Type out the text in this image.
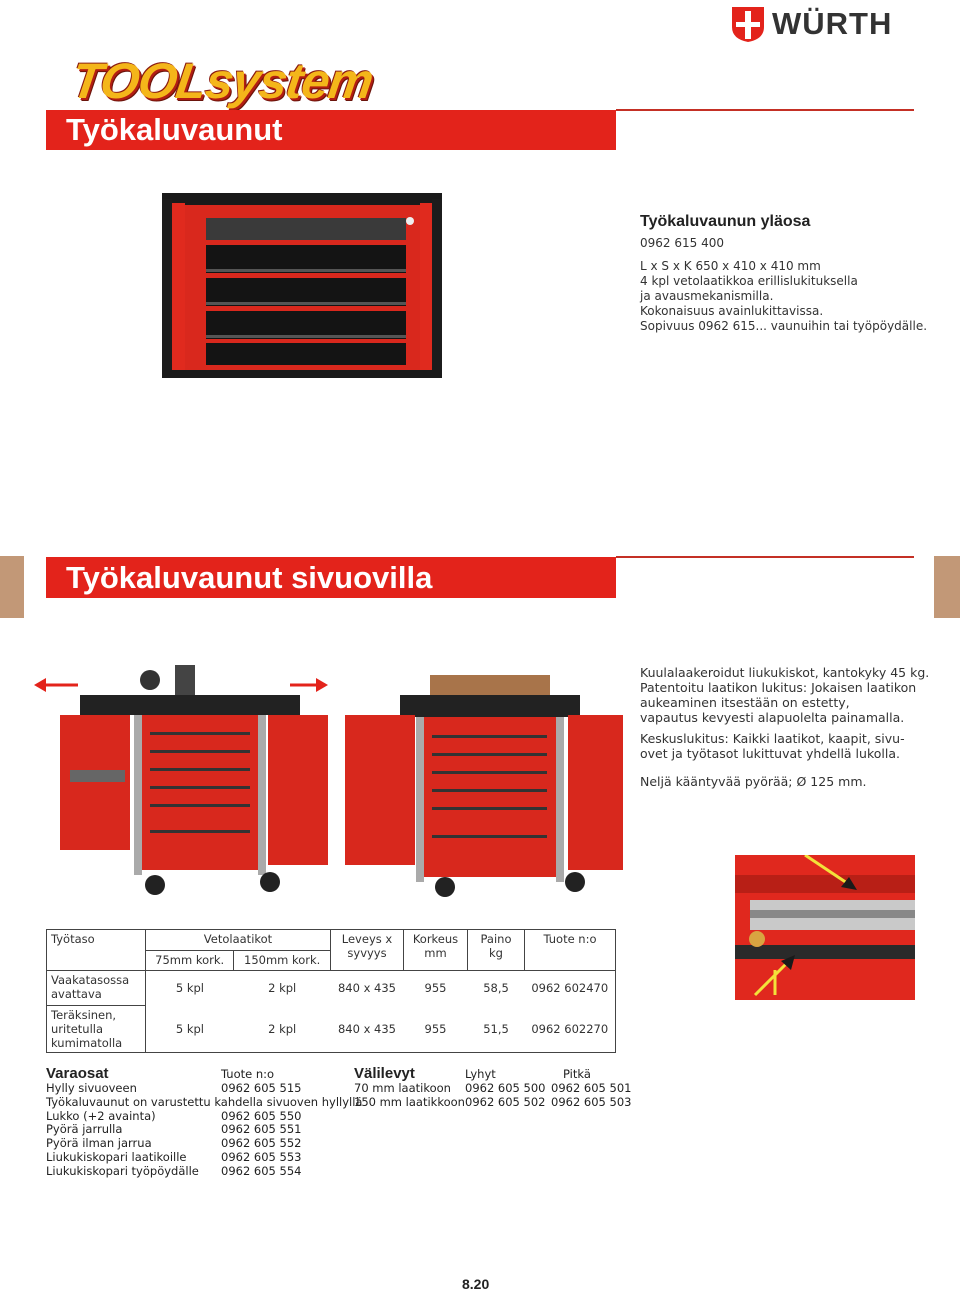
WÜRTH
TOOLsystem
Työkaluvaunut
Työkaluvaunun yläosa
0962 615 400
L x S x K 650 x 410 x 410 mm
4 kpl vetolaatikkoa erillislukituksella
ja avausmekanismilla.
Kokonaisuus avainlukittavissa.
Sopivuus 0962 615... vaunuihin tai työpöydälle.
Työkaluvaunut sivuovilla
Kuulalaakeroidut liukukiskot, kantokyky 45 kg.
Patentoitu laatikon lukitus: Jokaisen laatikon
aukeaminen itsestään on estetty,
vapautus kevyesti alapuolelta painamalla.
Keskuslukitus: Kaikki laatikot, kaapit, sivu-
ovet ja työtasot lukittuvat yhdellä lukolla.
Neljä kääntyvää pyörää; Ø 125 mm.
Työtaso	Vetolaatikot		Leveys x syvyys	Korkeus mm	Paino kg	Tuote n:o
	75mm kork.	150mm kork.				
Vaakatasossa avattava	5 kpl	2 kpl	840 x 435	955	58,5	0962 602470
Teräksinen, uritetulla kumimatolla	5 kpl	2 kpl	840 x 435	955	51,5	0962 602270
Varaosat	Tuote n:o
Hylly sivuoveen	0962 605 515
Työkaluvaunut on varustettu kahdella sivuoven hyllyllä
Lukko (+2 avainta)	0962 605 550
Pyörä jarrulla	0962 605 551
Pyörä ilman jarrua	0962 605 552
Liukukiskopari laatikoille	0962 605 553
Liukukiskopari työpöydälle 0962 605 554
Välilevyt	Lyhyt	Pitkä
70 mm laatikoon 0962 605 500 0962 605 501
150 mm laatikkoon 0962 605 502 0962 605 503
8.20
